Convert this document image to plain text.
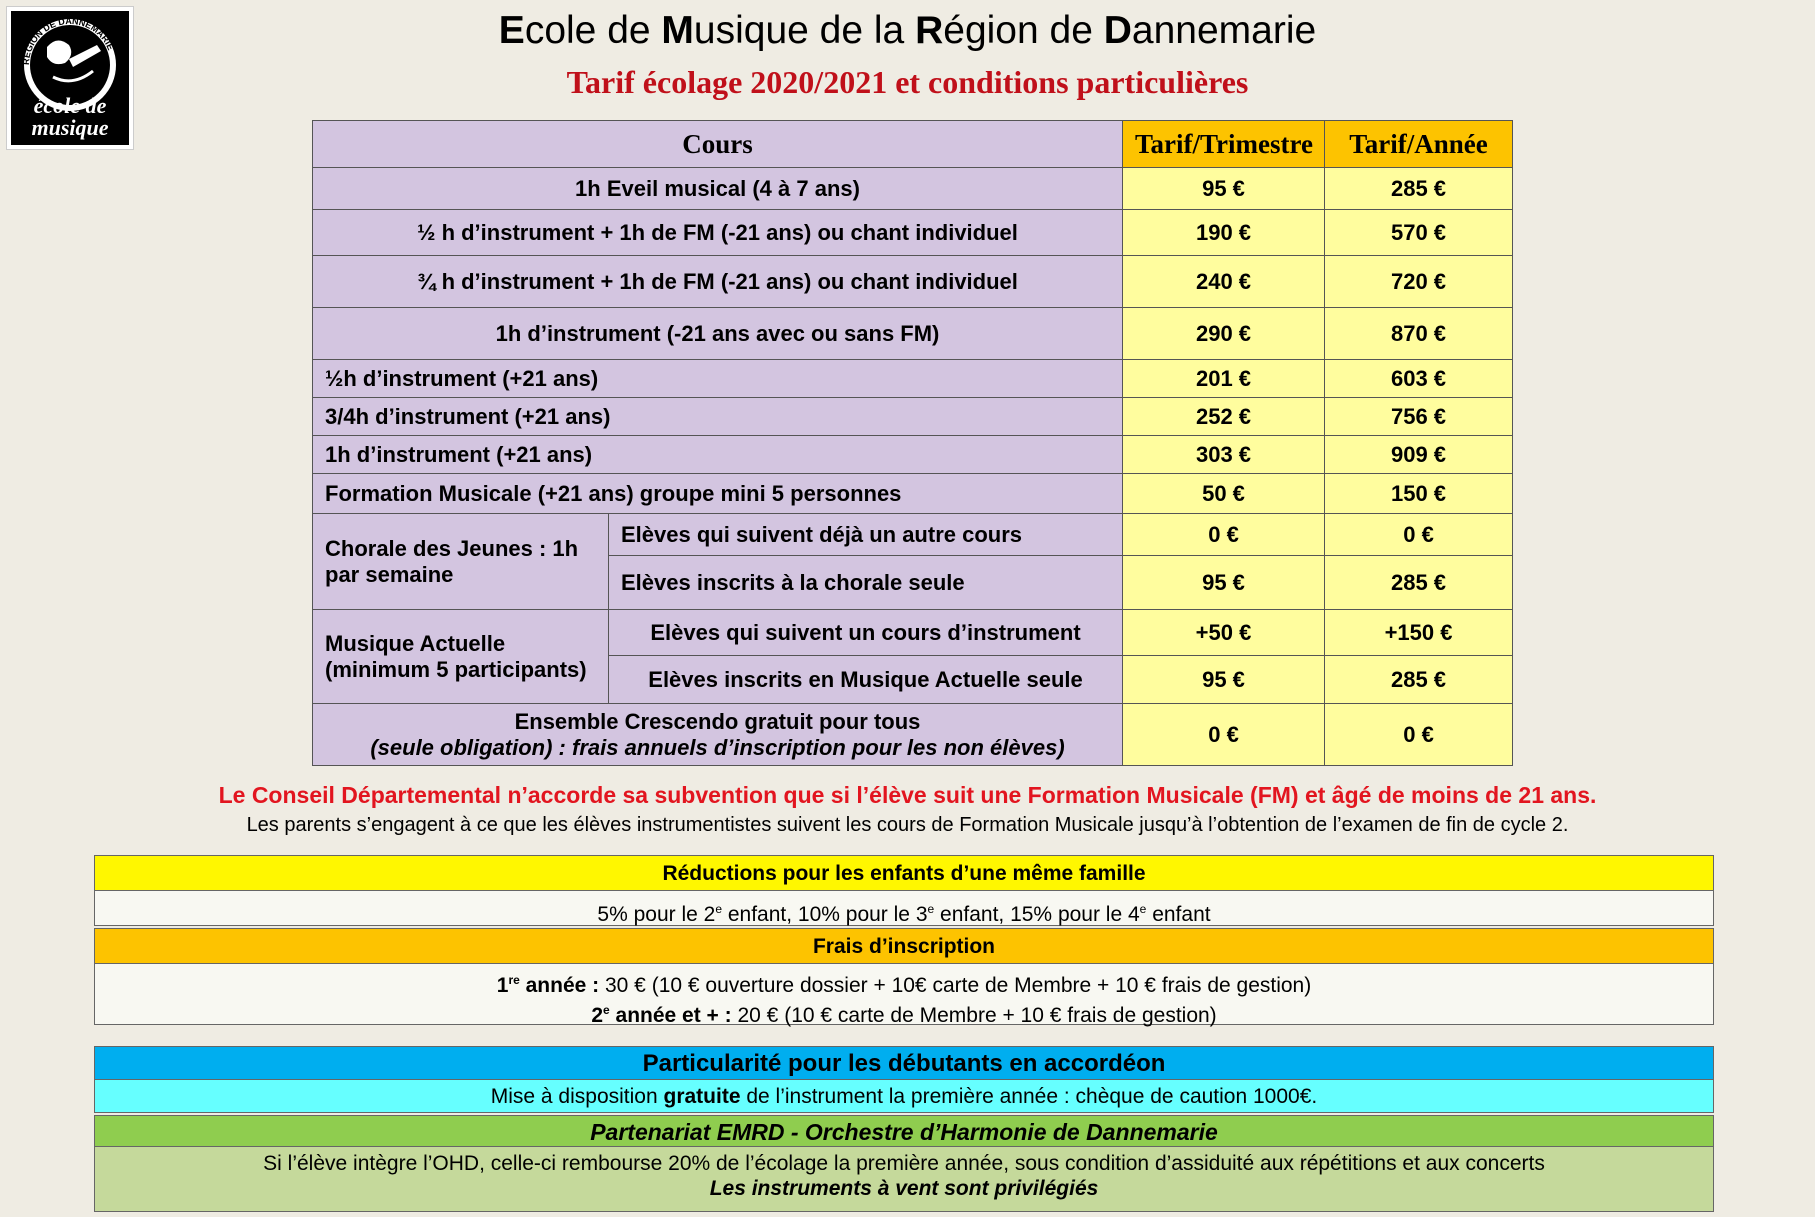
RÉGION DE DANNEMARIE
école de
musique
Ecole de Musique de la Région de Dannemarie
Tarif écolage 2020/2021 et conditions particulières
Cours		Tarif/Trimestre	Tarif/Année
1h Eveil musical (4 à 7 ans)		95 €	285 €
½ h d’instrument + 1h de FM (-21 ans) ou chant individuel		190 €	570 €
¾ h d’instrument + 1h de FM (-21 ans) ou chant individuel		240 €	720 €
1h d’instrument (-21 ans avec ou sans FM)		290 €	870 €
½h d’instrument (+21 ans)		201 €	603 €
3/4h d’instrument (+21 ans)		252 €	756 €
1h d’instrument (+21 ans)		303 €	909 €
Formation Musicale (+21 ans) groupe mini 5 personnes		50 €	150 €
Chorale des Jeunes : 1h par semaine	Elèves qui suivent déjà un autre cours	0 €	0 €
	Elèves inscrits à la chorale seule	95 €	285 €
Musique Actuelle (minimum 5 participants)	Elèves qui suivent un cours d’instrument	+50 €	+150 €
	Elèves inscrits en Musique Actuelle seule	95 €	285 €

Ensemble Crescendo gratuit pour tous
(seule obligation) : frais annuels d’inscription pour les non élèves)		0 €	0 €
Le Conseil Départemental n’accorde sa subvention que si l’élève suit une Formation Musicale (FM) et âgé de moins de 21 ans.
Les parents s’engagent à ce que les élèves instrumentistes suivent les cours de Formation Musicale jusqu’à l’obtention de l’examen de fin de cycle 2.
Réductions pour les enfants d’une même famille
5% pour le 2e enfant, 10% pour le 3e enfant, 15% pour le 4e enfant
Frais d’inscription
1re année : 30 € (10 € ouverture dossier + 10€ carte de Membre + 10 € frais de gestion)
2e année et + : 20 € (10 € carte de Membre + 10 € frais de gestion)
Particularité pour les débutants en accordéon
Mise à disposition gratuite de l’instrument la première année : chèque de caution 1000€.
Partenariat EMRD - Orchestre d’Harmonie de Dannemarie
Si l’élève intègre l’OHD, celle-ci rembourse 20% de l’écolage la première année, sous condition d’assiduité aux répétitions et aux concerts
Les instruments à vent sont privilégiés
